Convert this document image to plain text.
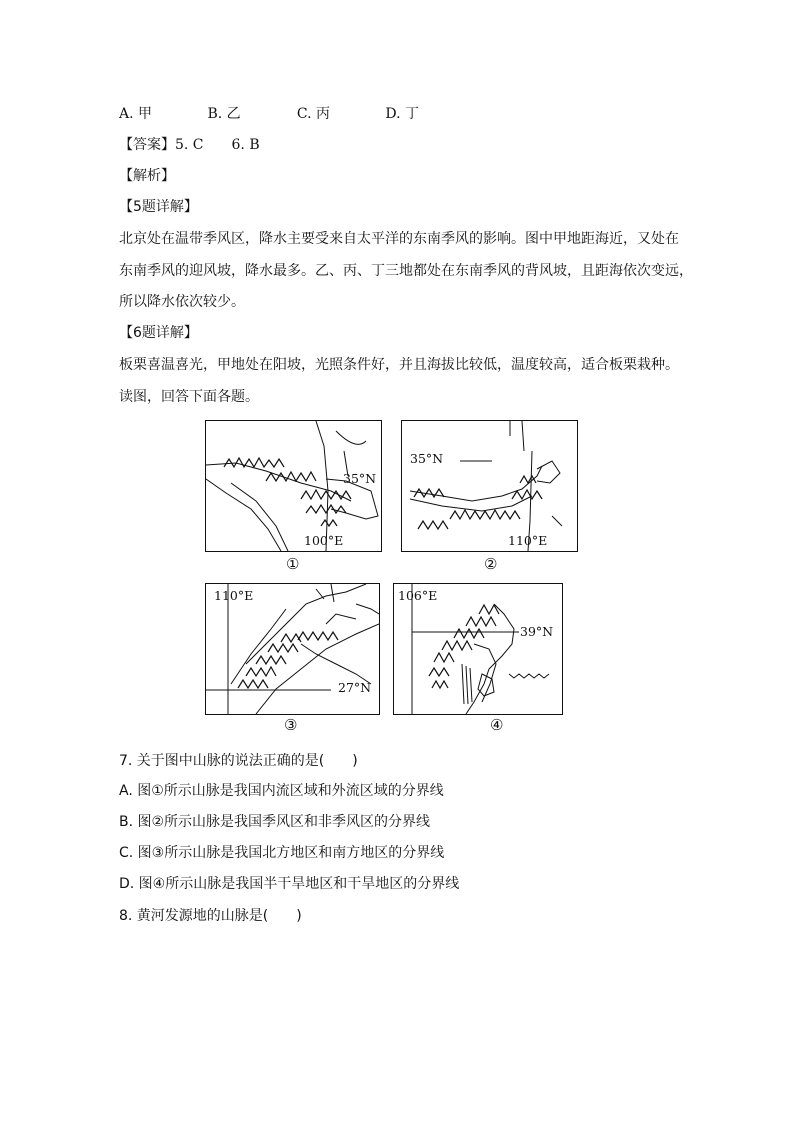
A. 甲	B. 乙	C. 丙	D. 丁
【答案】5. C　　6. B
【解析】
【5题详解】
北京处在温带季风区，降水主要受来自太平洋的东南季风的影响。图中甲地距海近，又处在
东南季风的迎风坡，降水最多。乙、丙、丁三地都处在东南季风的背风坡，且距海依次变远，
所以降水依次较少。
【6题详解】
板栗喜温喜光，甲地处在阳坡，光照条件好，并且海拔比较低，温度较高，适合板栗栽种。
读图，回答下面各题。
35°N
100°E
①
35°N
110°E
②
110°E
27°N
③
106°E
39°N
④
7. 关于图中山脉的说法正确的是(　　)
A. 图①所示山脉是我国内流区域和外流区域的分界线
B. 图②所示山脉是我国季风区和非季风区的分界线
C. 图③所示山脉是我国北方地区和南方地区的分界线
D. 图④所示山脉是我国半干旱地区和干旱地区的分界线
8. 黄河发源地的山脉是(　　)
